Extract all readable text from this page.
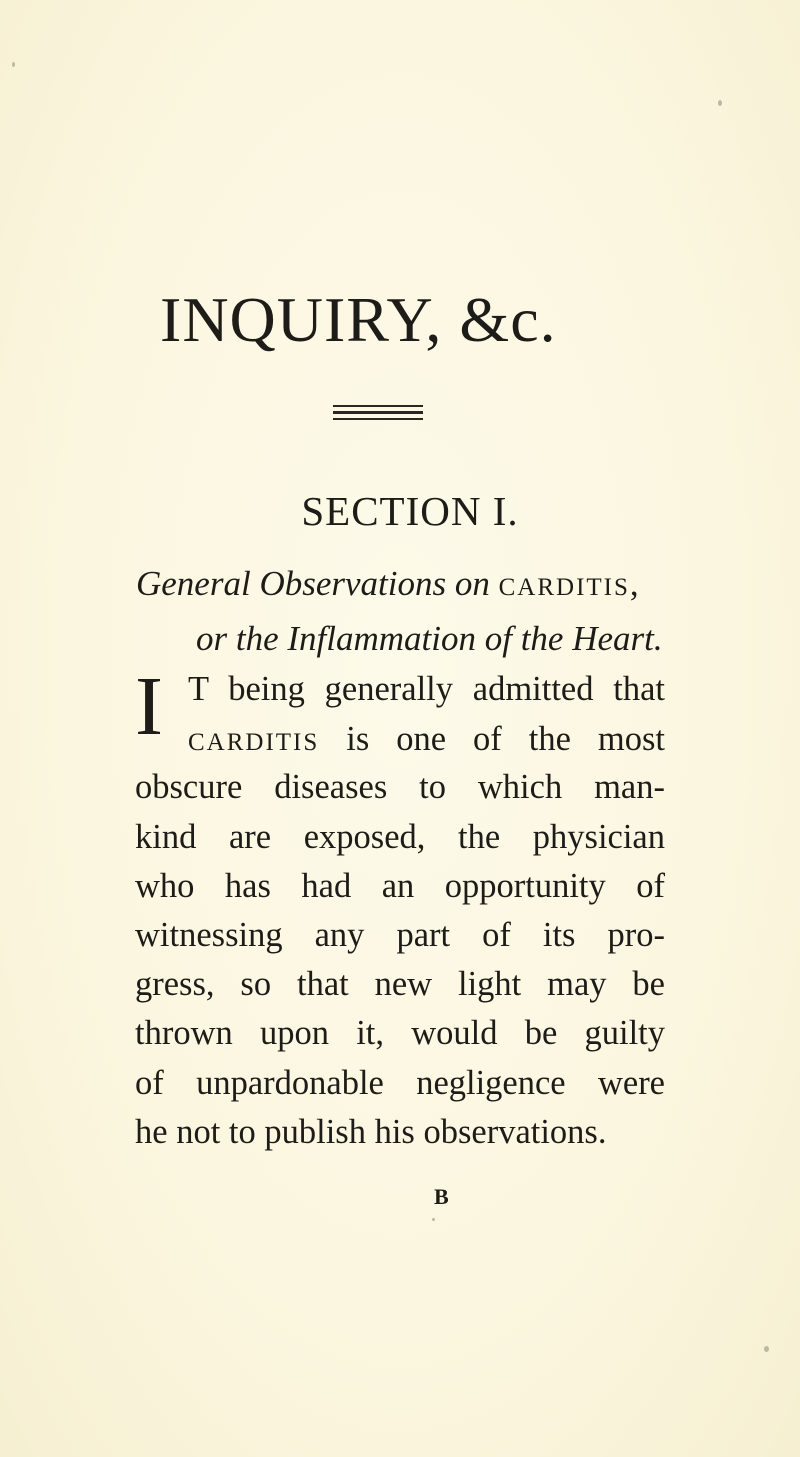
INQUIRY, &c.
SECTION I.
General Observations on carditis,
or the Inflammation of the Heart.
I T being generally admitted that
carditis is one of the most
obscure diseases to which man-
kind are exposed, the physician
who has had an opportunity of
witnessing any part of its pro-
gress, so that new light may be
thrown upon it, would be guilty
of unpardonable negligence were
he not to publish his observations.
B
